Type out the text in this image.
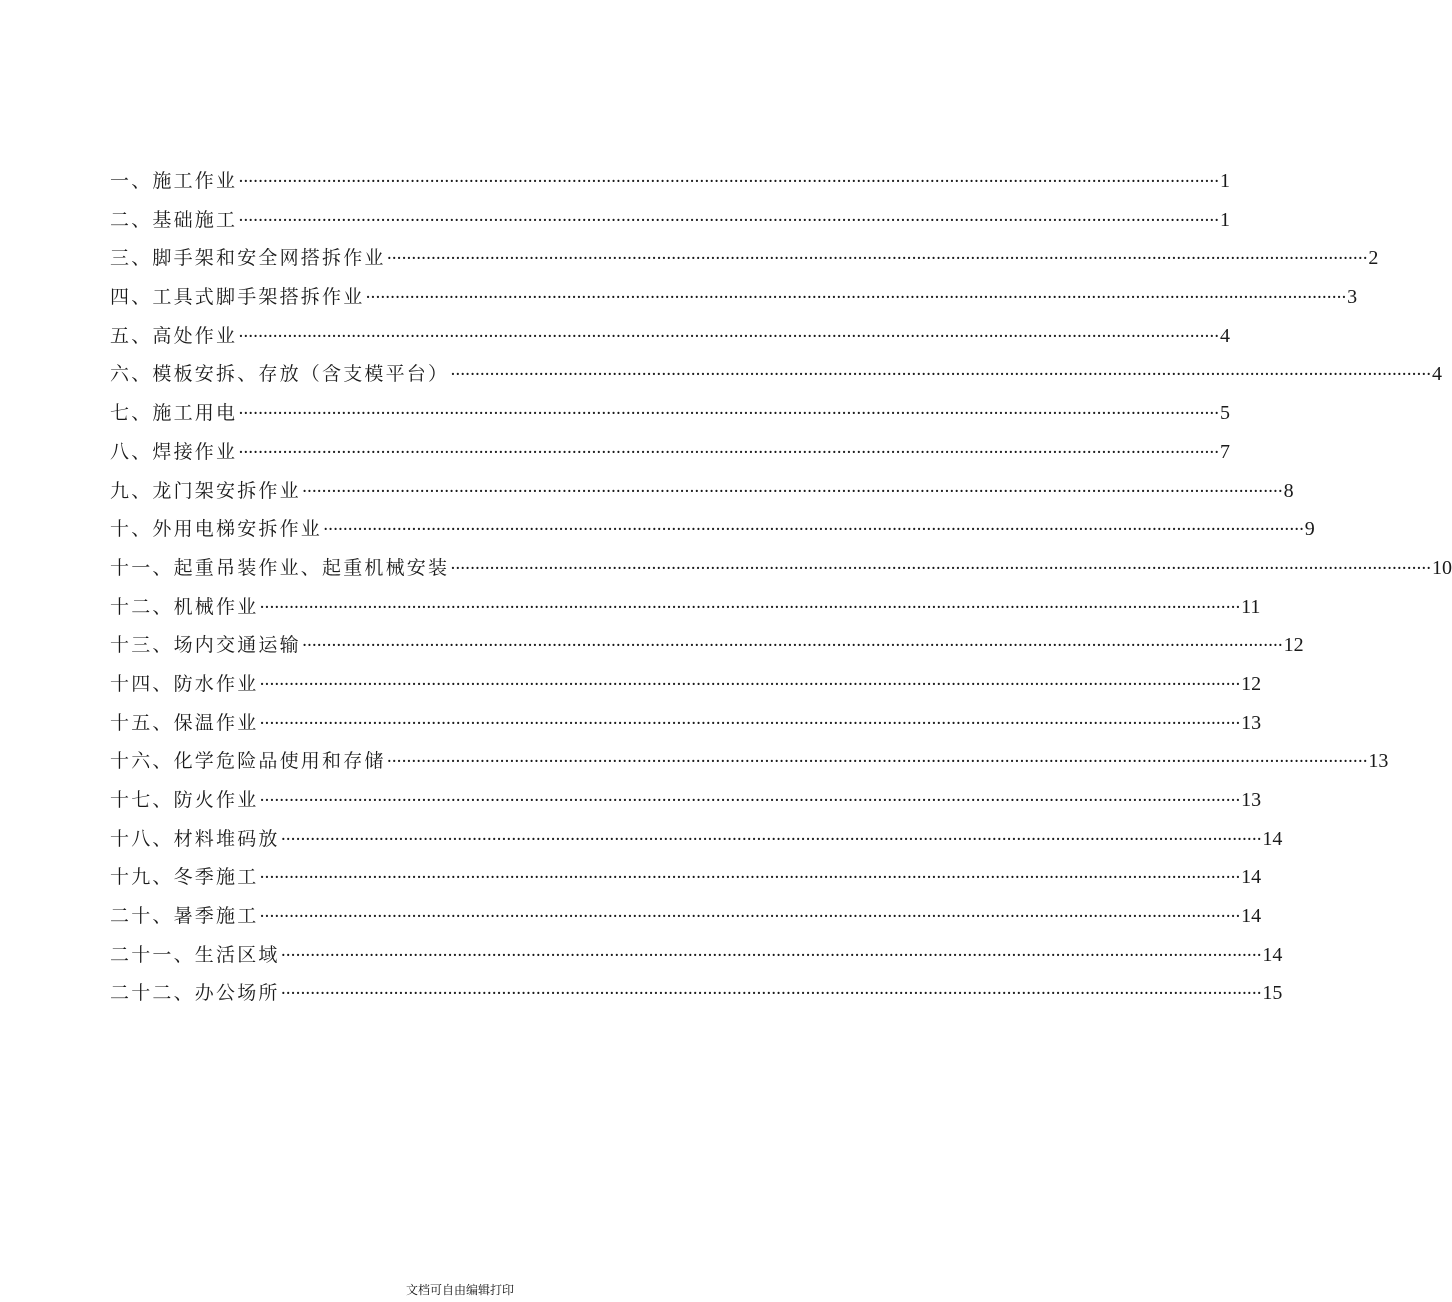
一、施工作业 ········································································································································································································ 1
二、基础施工 ········································································································································································································ 1
三、脚手架和安全网搭拆作业 ········································································································································································································ 2
四、工具式脚手架搭拆作业 ········································································································································································································ 3
五、高处作业 ········································································································································································································ 4
六、模板安拆、存放（含支模平台） ········································································································································································································ 4
七、施工用电 ········································································································································································································ 5
八、焊接作业 ········································································································································································································ 7
九、龙门架安拆作业 ········································································································································································································ 8
十、外用电梯安拆作业 ········································································································································································································ 9
十一、起重吊装作业、起重机械安装 ········································································································································································································ 10
十二、机械作业 ········································································································································································································ 11
十三、场内交通运输 ········································································································································································································ 12
十四、防水作业 ········································································································································································································ 12
十五、保温作业 ········································································································································································································ 13
十六、化学危险品使用和存储 ········································································································································································································ 13
十七、防火作业 ········································································································································································································ 13
十八、材料堆码放 ········································································································································································································ 14
十九、冬季施工 ········································································································································································································ 14
二十、暑季施工 ········································································································································································································ 14
二十一、生活区域 ········································································································································································································ 14
二十二、办公场所 ········································································································································································································ 15
文档可自由编辑打印
